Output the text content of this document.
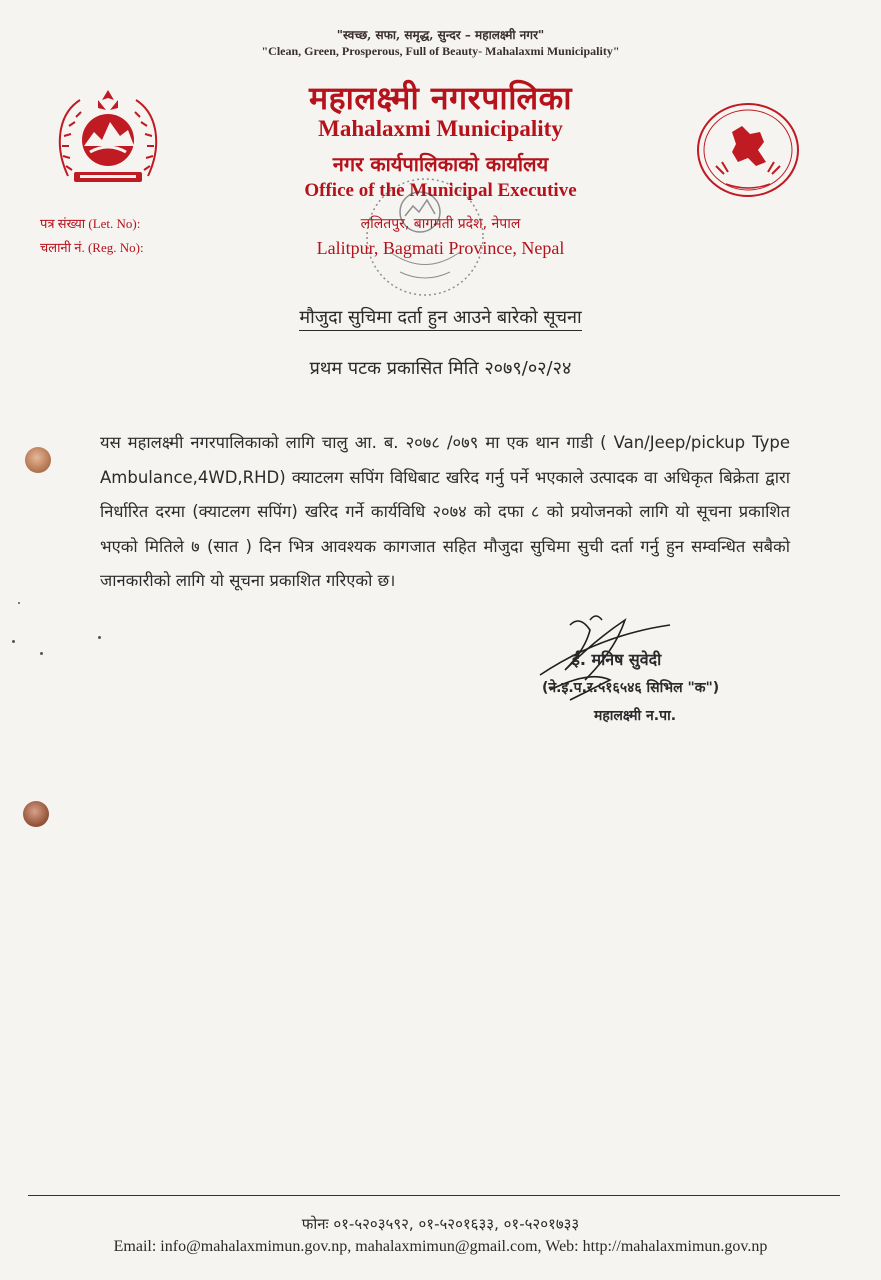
"स्वच्छ, सफा, समृद्ध, सुन्दर – महालक्ष्मी नगर"
"Clean, Green, Prosperous, Full of Beauty- Mahalaxmi Municipality"
महालक्ष्मी नगरपालिका
Mahalaxmi Municipality
नगर कार्यपालिकाको कार्यालय
Office of the Municipal Executive
ललितपुर, बागमती प्रदेश, नेपाल
Lalitpur, Bagmati Province, Nepal
पत्र संख्या (Let. No):
चलानी नं. (Reg. No):
मौजुदा सुचिमा दर्ता हुन आउने बारेको सूचना
प्रथम पटक प्रकासित मिति २०७९/०२/२४
यस महालक्ष्मी नगरपालिकाको लागि चालु आ. ब. २०७८ /०७९ मा एक थान गाडी ( Van/Jeep/pickup Type Ambulance,4WD,RHD) क्याटलग सपिंग विधिबाट खरिद गर्नु पर्ने भएकाले उत्पादक वा अधिकृत बिक्रेता द्वारा निर्धारित दरमा (क्याटलग सपिंग) खरिद गर्ने कार्यविधि २०७४ को दफा ८ को प्रयोजनको लागि यो सूचना प्रकाशित भएको मितिले ७ (सात ) दिन भित्र आवश्यक कागजात सहित मौजुदा सुचिमा सुची दर्ता गर्नु हुन सम्वन्धित सबैको जानकारीको लागि यो सूचना प्रकाशित गरिएको छ।
ई. मनिष सुवेदी
(ने.इ.प.र.५१६५४६ सिभिल "क")
महालक्ष्मी न.पा.
फोनः ०१-५२०३५९२, ०१-५२०१६३३, ०१-५२०१७३३
Email: info@mahalaxmimun.gov.np, mahalaxmimun@gmail.com, Web: http://mahalaxmimun.gov.np
